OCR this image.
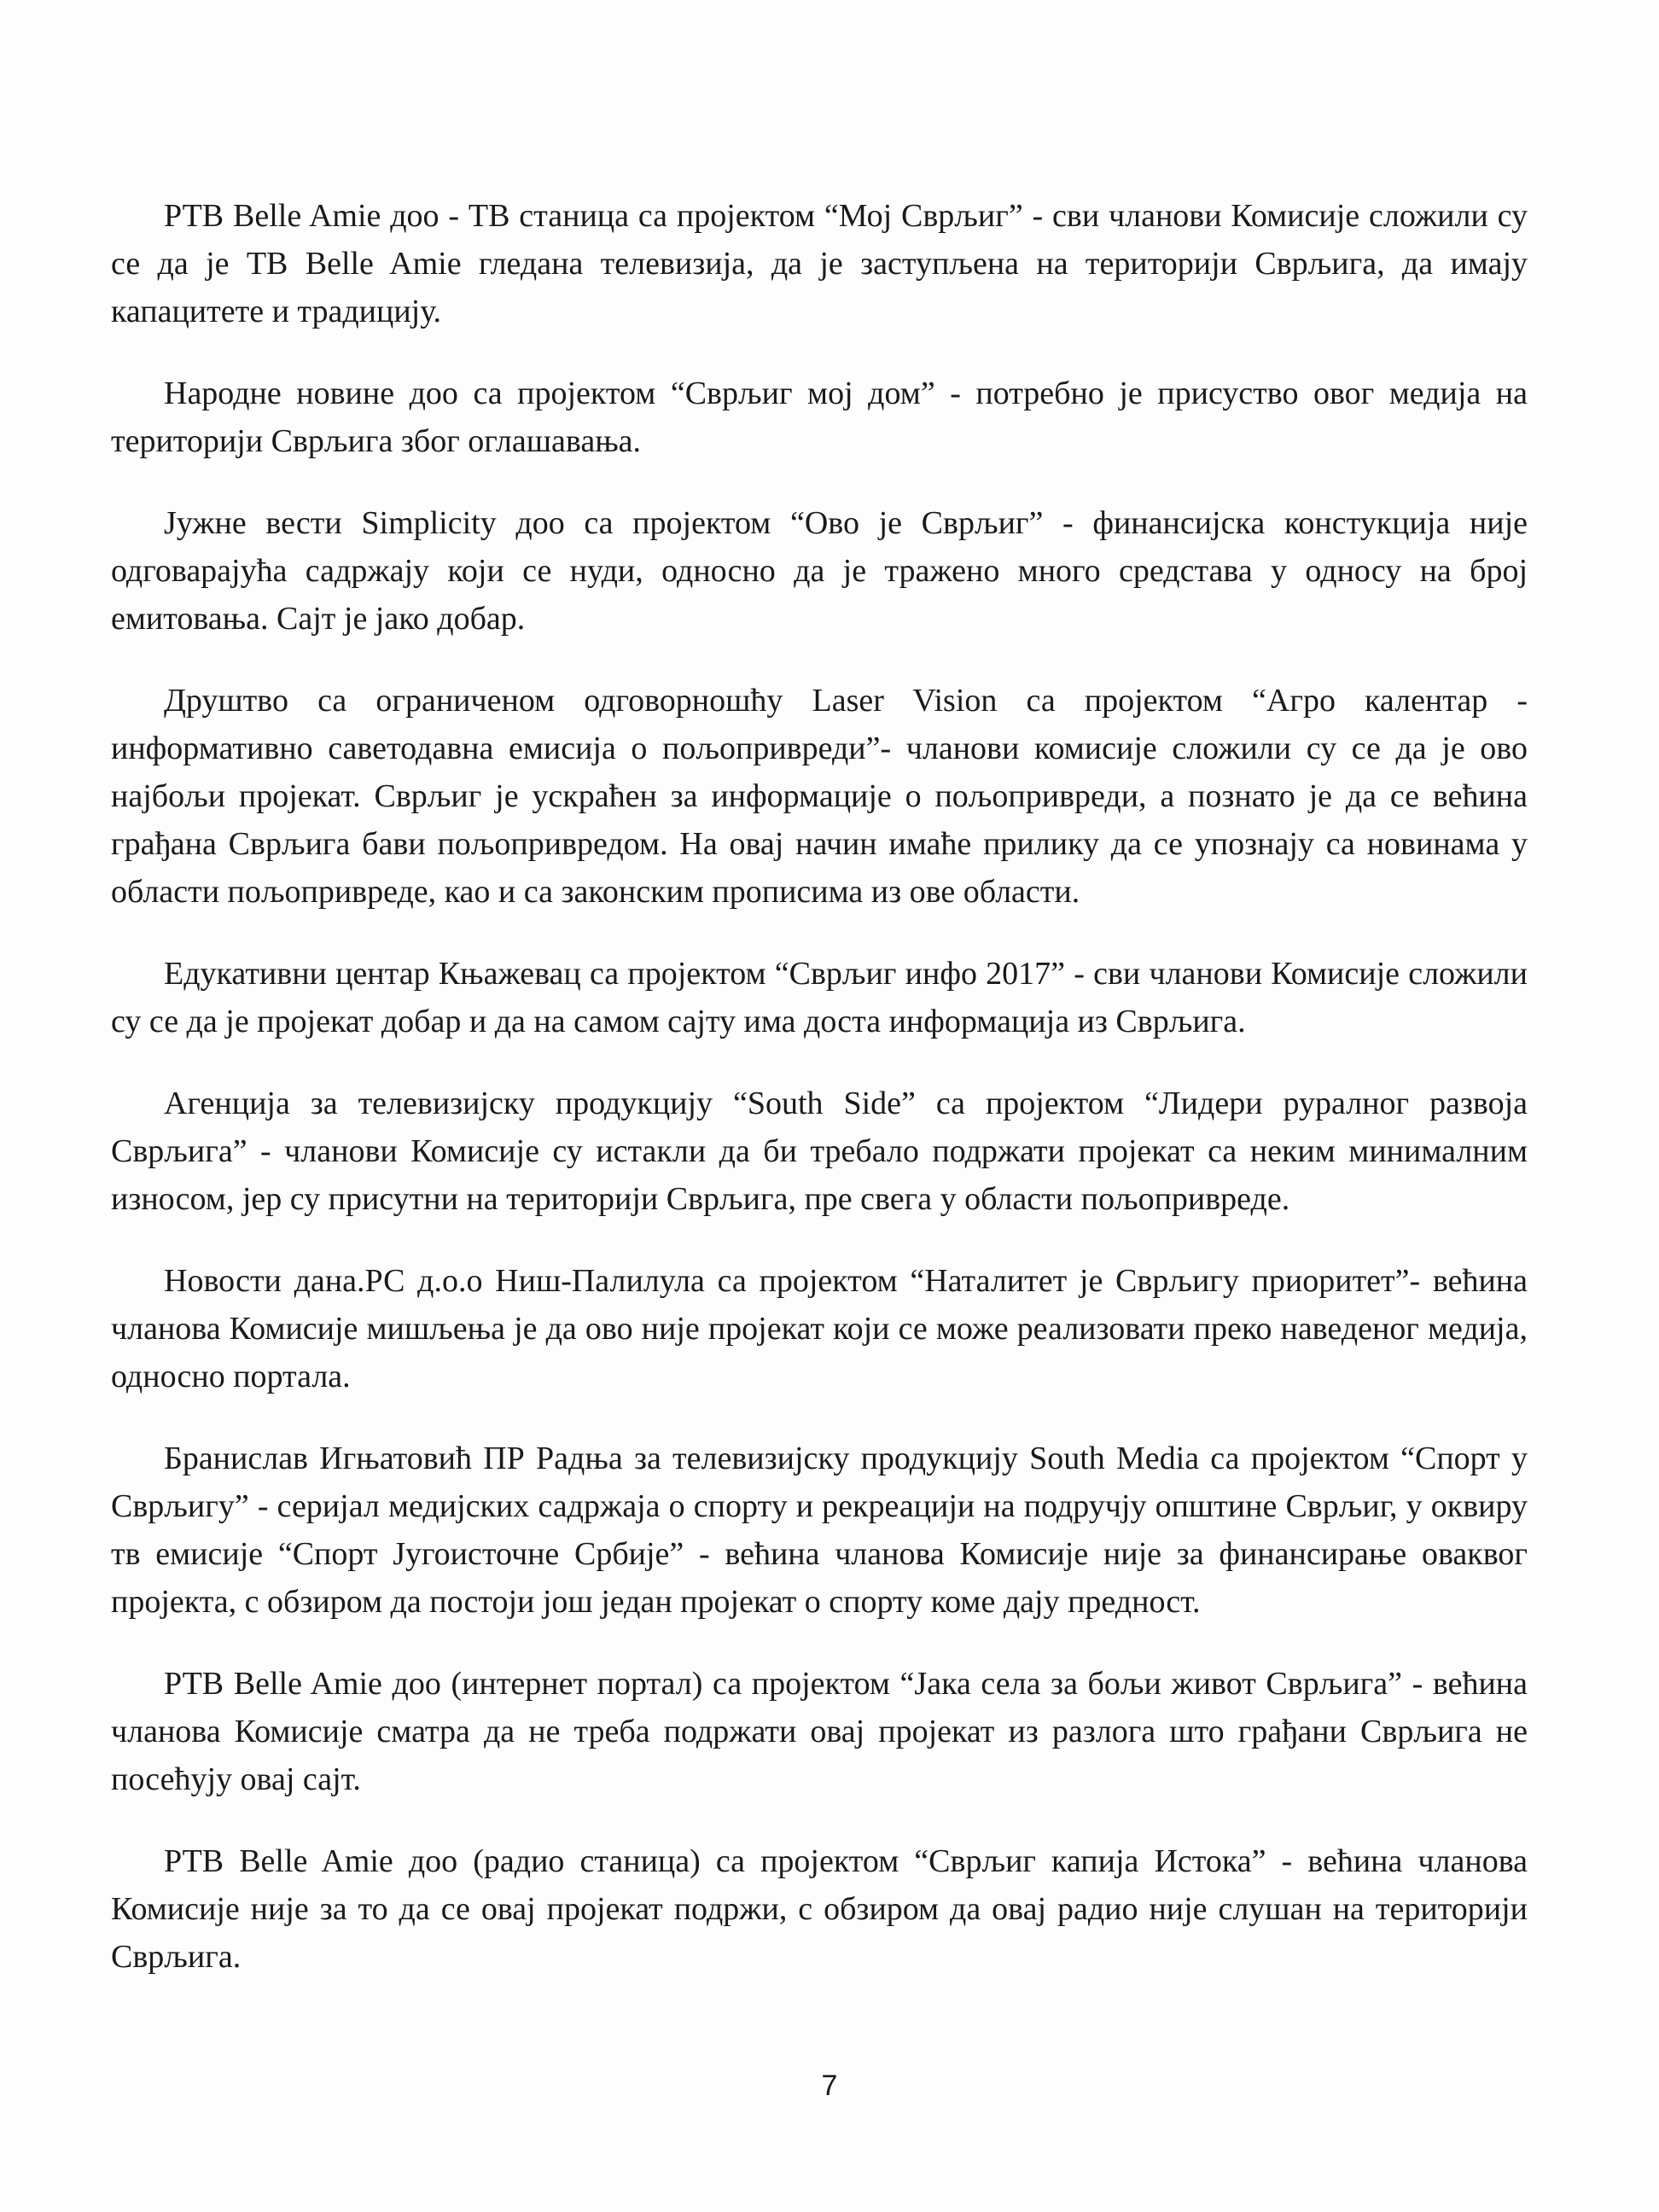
РТВ Belle Amie доо - ТВ станица са пројектом “Мој Сврљиг” - сви чланови Комисије сложили су се да је ТВ Belle Amie гледана телевизија, да је заступљена на територији Сврљига, да имају капацитете и традицију.

Народне новине доо са пројектом “Сврљиг мој дом” - потребно је присуство овог медија на територији Сврљига због оглашавања.

Јужне вести Simplicity доо са пројектом “Ово је Сврљиг” - финансијска констукција није одговарајућа садржају који се нуди, односно да је тражено много средстава у односу на број емитовања. Сајт је јако добар.

Друштво са ограниченом одговорношћу Laser Vision са пројектом “Агро калентар - информативно саветодавна емисија о пољопривреди”- чланови комисије сложили су се да је ово најбољи пројекат. Сврљиг је ускраћен за информације о пољопривреди, а познато је да се већина грађана Сврљига бави пољопривредом. На овај начин имаће прилику да се упознају са новинама у области пољопривреде, као и са законским прописима из ове области.

Едукативни центар Књажевац са пројектом “Сврљиг инфо 2017” - сви чланови Комисије сложили су се да је пројекат добар и да на самом сајту има доста информација из Сврљига.

Агенција за телевизијску продукцију “South Side” са пројектом “Лидери руралног развоја Сврљига” - чланови Комисије су истакли да би требало подржати пројекат са неким минималним износом, јер су присутни на територији Сврљига, пре свега у области пољопривреде.

Новости дана.РС д.о.о Ниш-Палилула са пројектом “Наталитет је Сврљигу приоритет”- већина чланова Комисије мишљења је да ово није пројекат који се може реализовати преко наведеног медија, односно портала.

Бранислав Игњатовић ПР Радња за телевизијску продукцију South Media са пројектом “Спорт у Сврљигу” - серијал медијских садржаја о спорту и рекреацији на подручју општине Сврљиг, у оквиру тв емисије “Спорт Југоисточне Србије” - већина чланова Комисије није за финансирање оваквог пројекта, с обзиром да постоји још један пројекат о спорту коме дају предност.

РТВ Belle Amie доо (интернет портал) са пројектом “Јака села за бољи живот Сврљига” - већина чланова Комисије сматра да не треба подржати овај пројекат из разлога што грађани Сврљига не посећују овај сајт.

РТВ Belle Amie доо (радио станица) са пројектом “Сврљиг капија Истока” - већина чланова Комисије није за то да се овај пројекат подржи, с обзиром да овај радио није слушан на територији Сврљига.

7
